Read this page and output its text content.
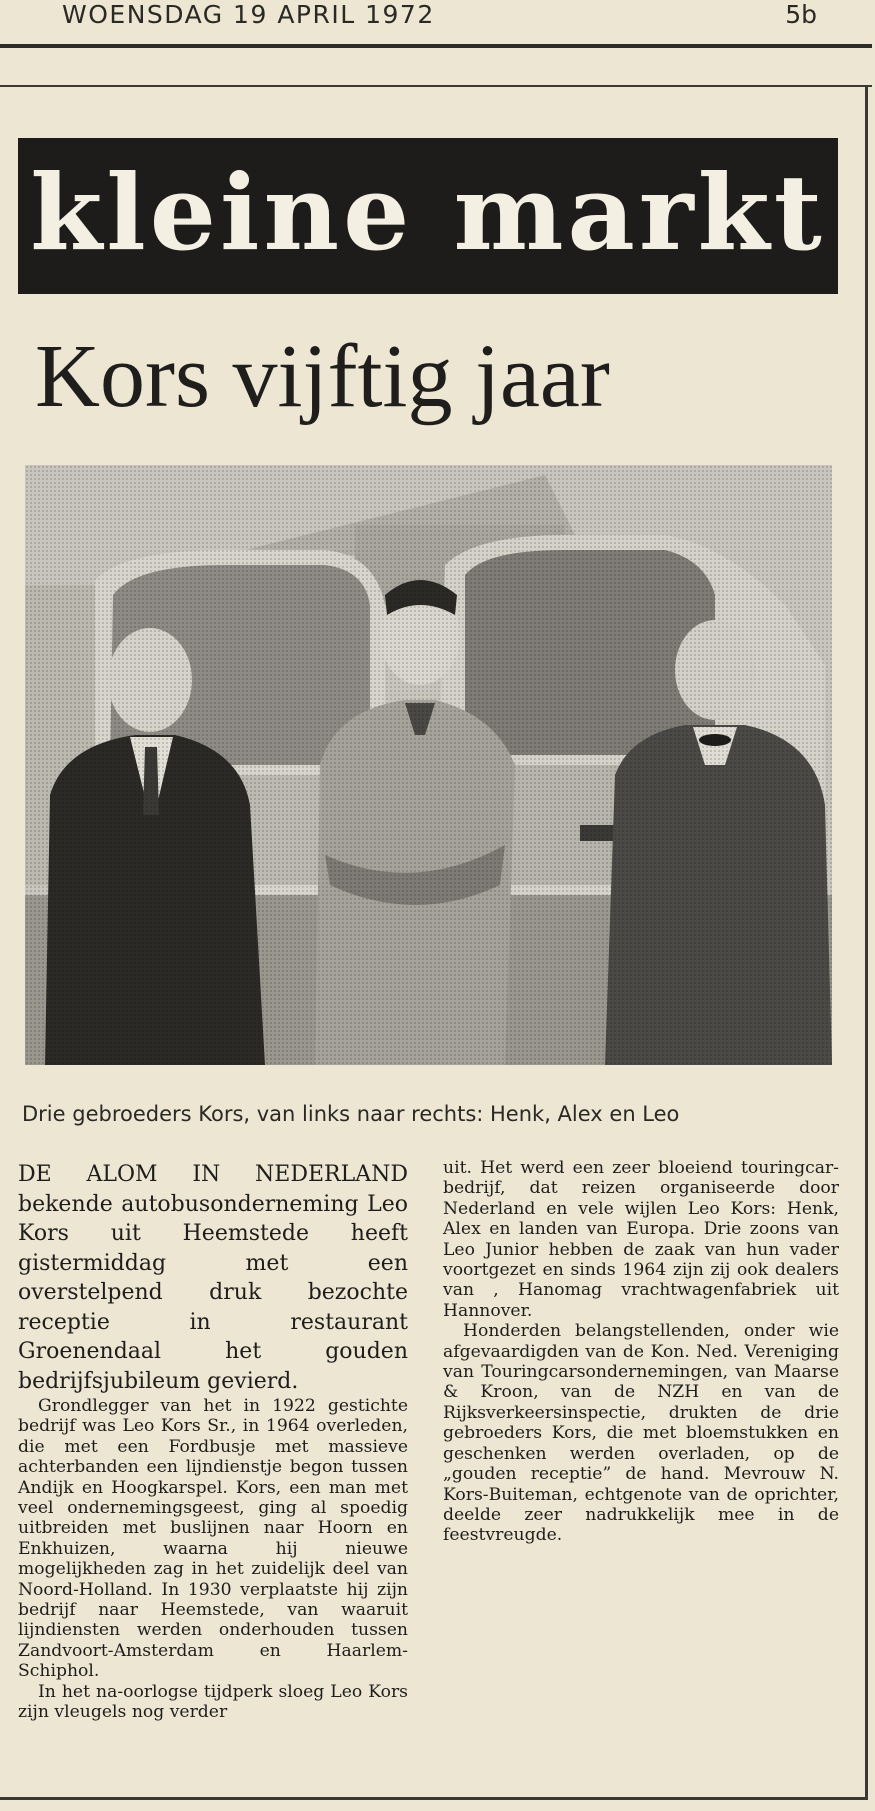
WOENSDAG 19 APRIL 1972	5b
kleine markt
Kors vijftig jaar
Drie gebroeders Kors, van links naar rechts: Henk, Alex en Leo

DE ALOM IN NEDERLAND bekende autobusonderneming Leo Kors uit Heemstede heeft gistermiddag met een overstelpend druk bezochte receptie in restaurant Groenendaal het gouden bedrijfsjubileum gevierd.

Grondlegger van het in 1922 gestichte bedrijf was Leo Kors Sr., in 1964 overleden, die met een Fordbusje met massieve achterbanden een lijndienstje begon tussen Andijk en Hoogkarspel. Kors, een man met veel ondernemingsgeest, ging al spoedig uitbreiden met buslijnen naar Hoorn en Enkhuizen, waarna hij nieuwe mogelijkheden zag in het zuidelijk deel van Noord-Holland. In 1930 verplaatste hij zijn bedrijf naar Heemstede, van waaruit lijndiensten werden onderhouden tussen Zandvoort-Amsterdam en Haarlem-Schiphol.

In het na-oorlogse tijdperk sloeg Leo Kors zijn vleugels nog verder

uit. Het werd een zeer bloeiend touringcar-bedrijf, dat reizen organiseerde door Nederland en vele wijlen Leo Kors: Henk, Alex en landen van Europa. Drie zoons van Leo Junior hebben de zaak van hun vader voortgezet en sinds 1964 zijn zij ook dealers van , Hanomag vrachtwagenfabriek uit Hannover.

Honderden belangstellenden, onder wie afgevaardigden van de Kon. Ned. Vereniging van Touringcarsondernemingen, van Maarse & Kroon, van de NZH en van de Rijksverkeersinspectie, drukten de drie gebroeders Kors, die met bloemstukken en geschenken werden overladen, op de „gouden receptie” de hand. Mevrouw N. Kors-Buiteman, echtgenote van de oprichter, deelde zeer nadrukkelijk mee in de feestvreugde.
